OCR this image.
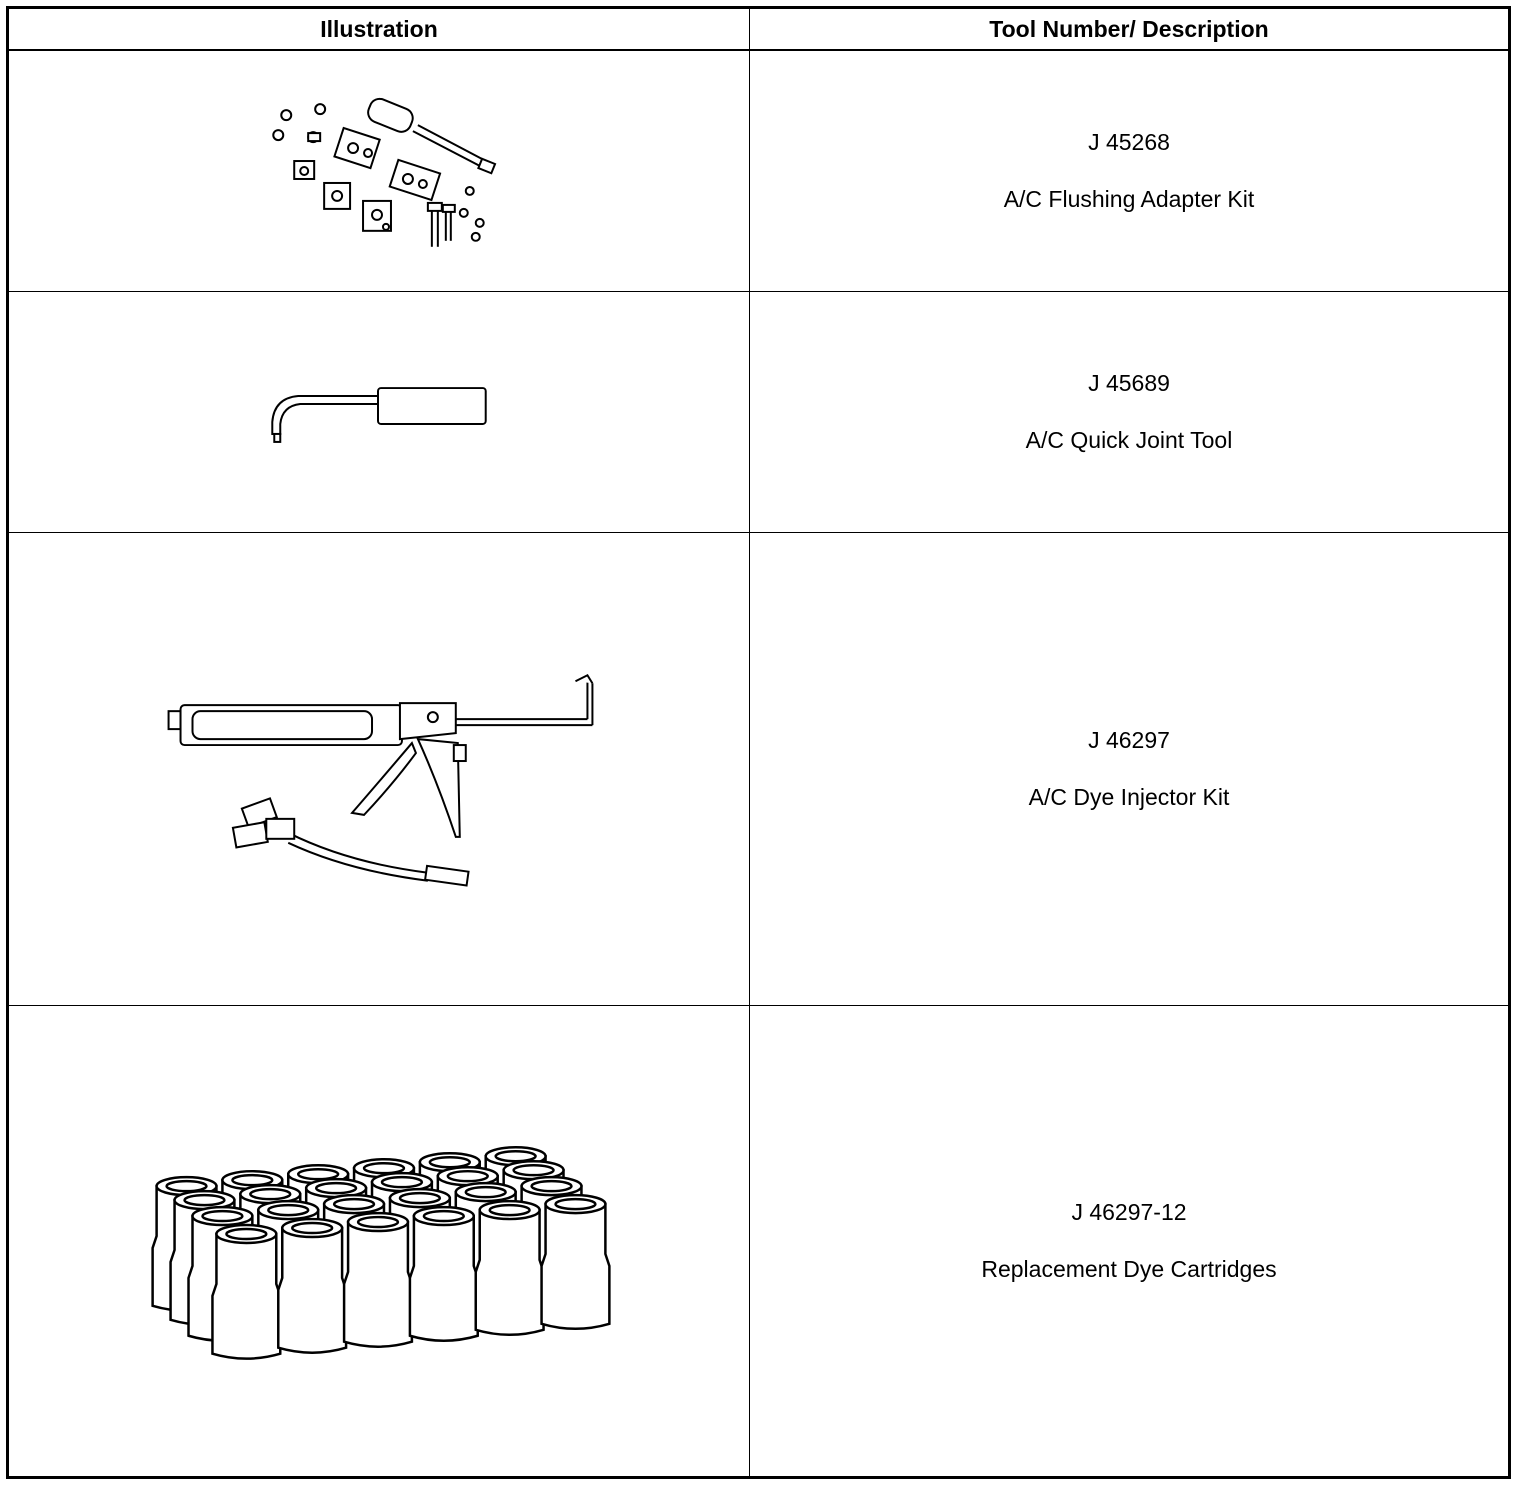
Illustration	Tool Number/ Description

J 45268
A/C Flushing Adapter Kit

J 45689
A/C Quick Joint Tool

J 46297
A/C Dye Injector Kit

J 46297-12
Replacement Dye Cartridges
